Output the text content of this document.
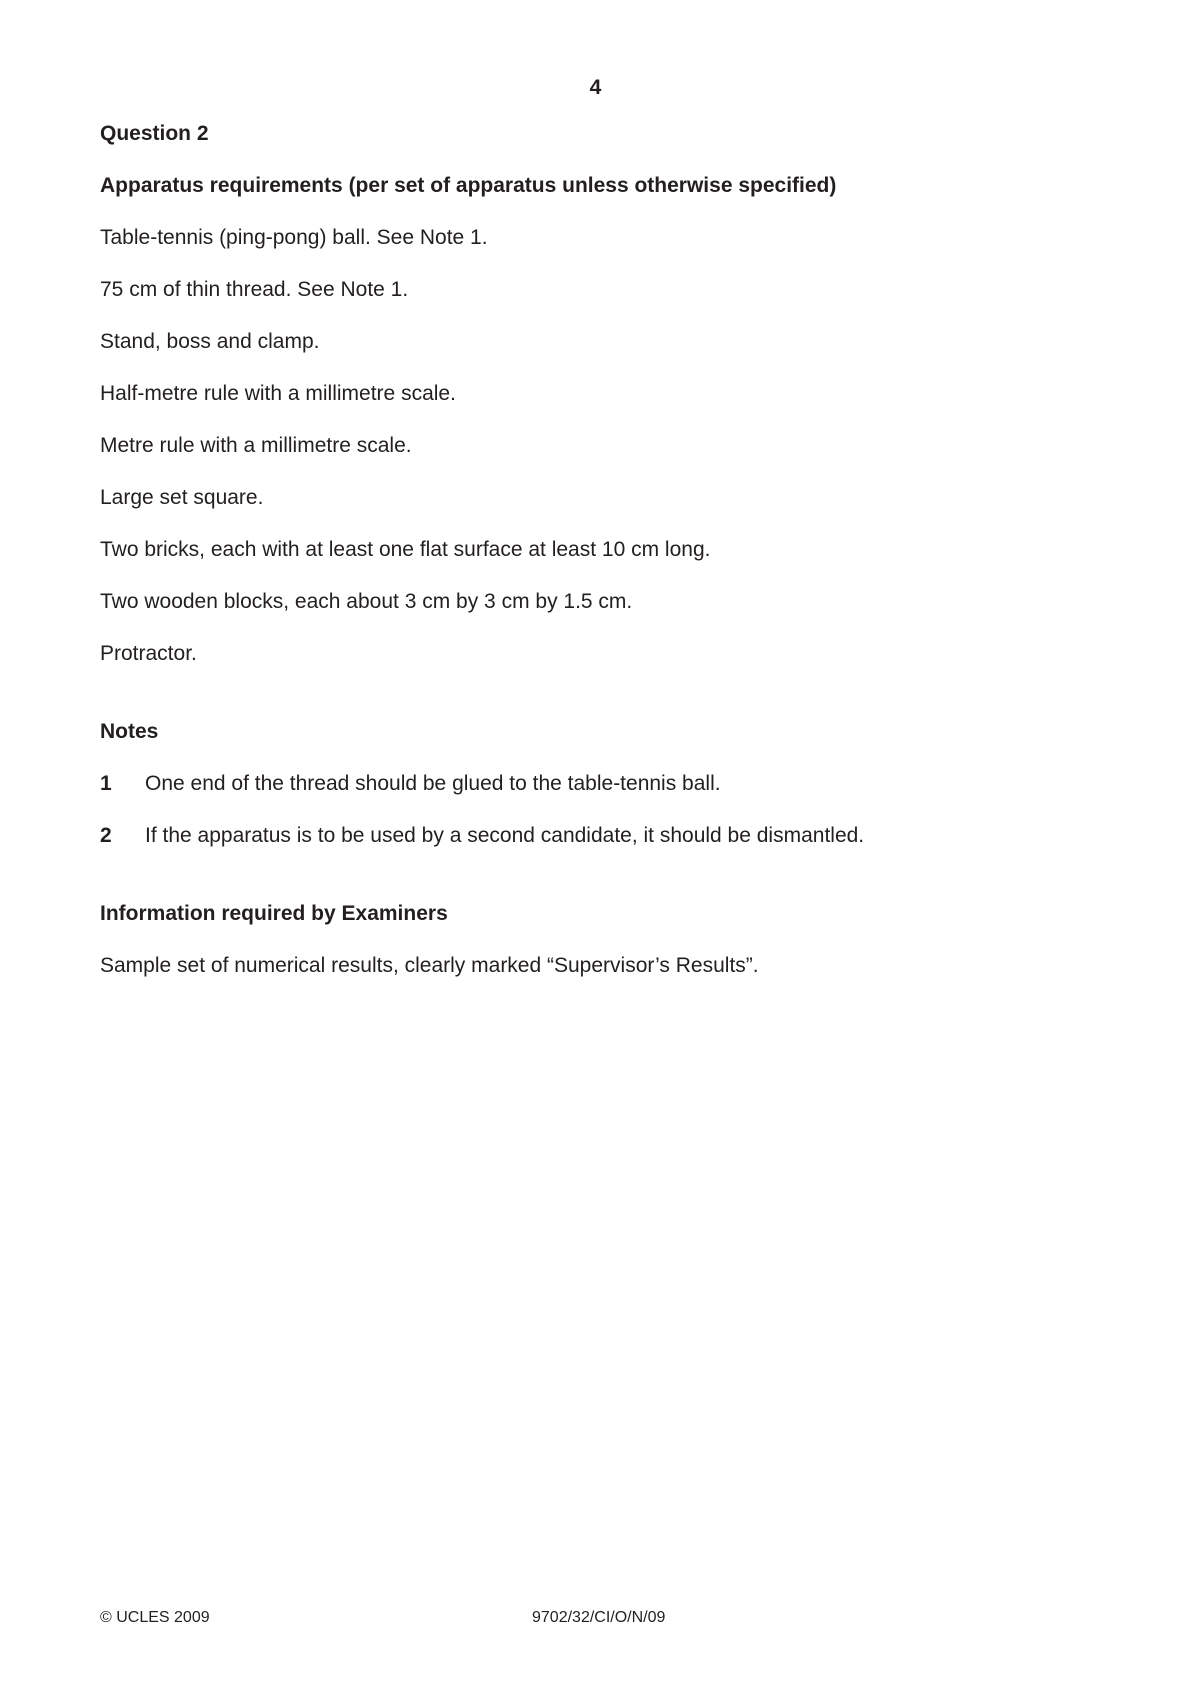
4

Question 2

Apparatus requirements (per set of apparatus unless otherwise specified)

Table-tennis (ping-pong) ball. See Note 1.

75 cm of thin thread. See Note 1.

Stand, boss and clamp.

Half-metre rule with a millimetre scale.

Metre rule with a millimetre scale.

Large set square.

Two bricks, each with at least one flat surface at least 10 cm long.

Two wooden blocks, each about 3 cm by 3 cm by 1.5 cm.

Protractor.

Notes

1	One end of the thread should be glued to the table-tennis ball.
2	If the apparatus is to be used by a second candidate, it should be dismantled.

Information required by Examiners

Sample set of numerical results, clearly marked “Supervisor’s Results”.

© UCLES 2009	9702/32/CI/O/N/09
